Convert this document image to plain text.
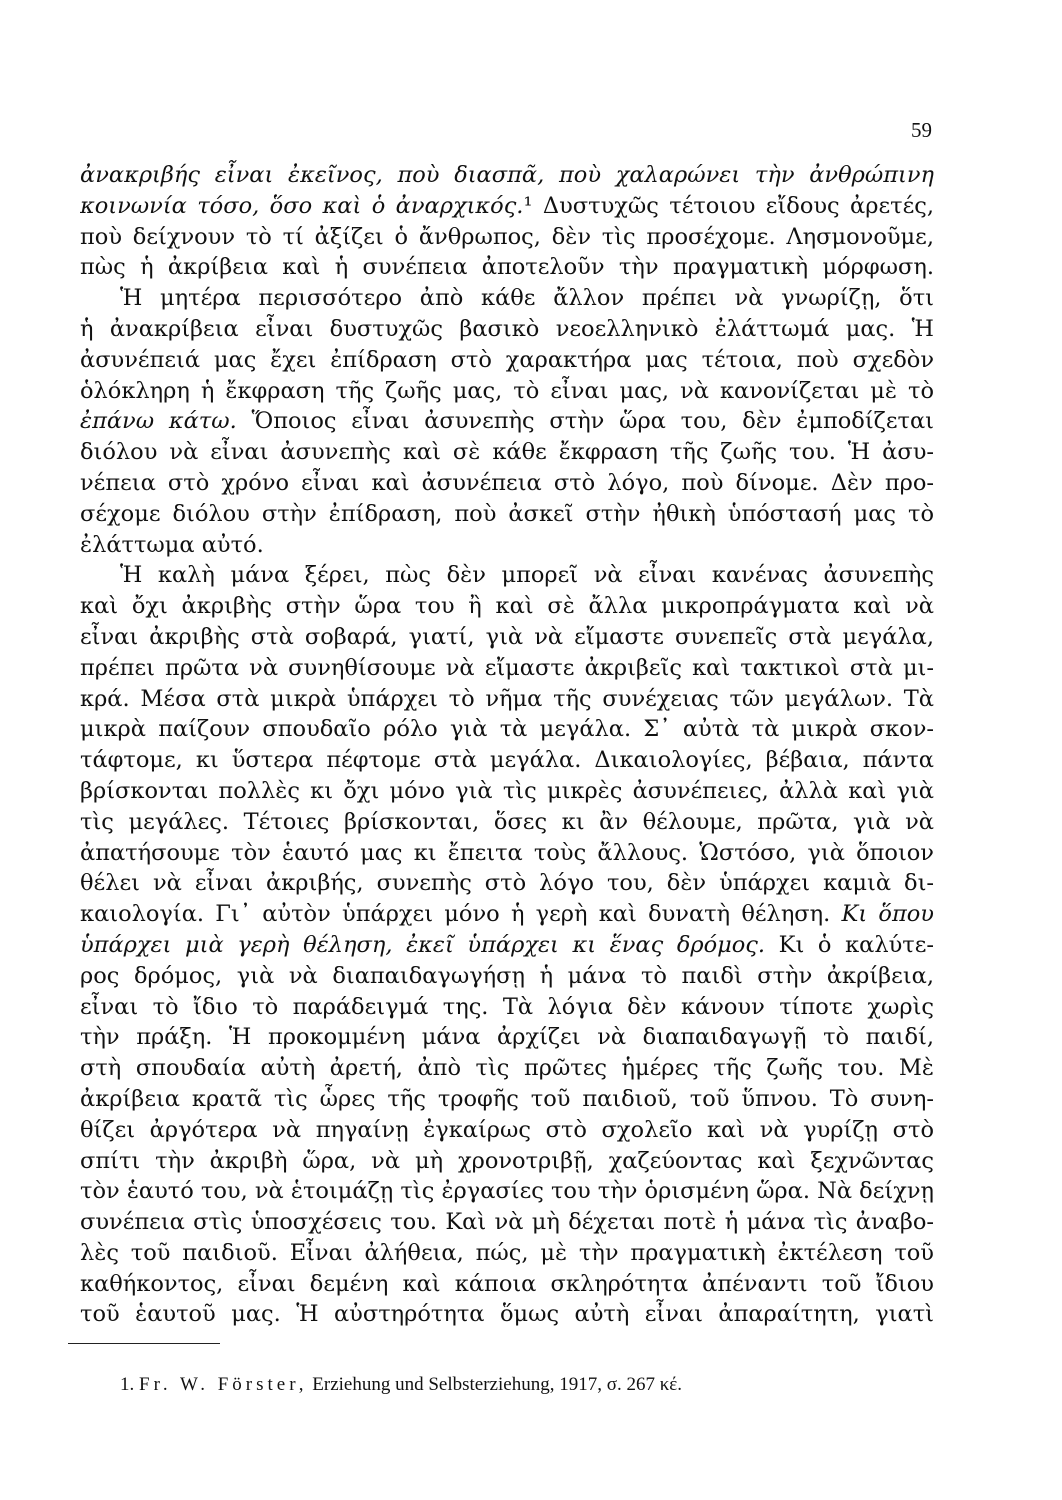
59
ἀνακριβής εἶναι ἐκεῖνος, ποὺ διασπᾶ, ποὺ χαλαρώνει τὴν ἀνθρώπινη
κοινωνία τόσο, ὅσο καὶ ὁ ἀναρχικός.¹ Δυστυχῶς τέτοιου εἴδους ἀρετές,
ποὺ δείχνουν τὸ τί ἀξίζει ὁ ἄνθρωπος, δὲν τὶς προσέχομε. Λησμονοῦμε,
πὼς ἡ ἀκρίβεια καὶ ἡ συνέπεια ἀποτελοῦν τὴν πραγματικὴ μόρφωση.
Ἡ μητέρα περισσότερο ἀπὸ κάθε ἄλλον πρέπει νὰ γνωρίζῃ, ὅτι
ἡ ἀνακρίβεια εἶναι δυστυχῶς βασικὸ νεοελληνικὸ ἐλάττωμά μας. Ἡ
ἀσυνέπειά μας ἔχει ἐπίδραση στὸ χαρακτήρα μας τέτοια, ποὺ σχεδὸν
ὁλόκληρη ἡ ἔκφραση τῆς ζωῆς μας, τὸ εἶναι μας, νὰ κανονίζεται μὲ τὸ
ἐπάνω κάτω. Ὅποιος εἶναι ἀσυνεπὴς στὴν ὥρα του, δὲν ἐμποδίζεται
διόλου νὰ εἶναι ἀσυνεπὴς καὶ σὲ κάθε ἔκφραση τῆς ζωῆς του. Ἡ ἀσυ-
νέπεια στὸ χρόνο εἶναι καὶ ἀσυνέπεια στὸ λόγο, ποὺ δίνομε. Δὲν προ-
σέχομε διόλου στὴν ἐπίδραση, ποὺ ἀσκεῖ στὴν ἠθικὴ ὑπόστασή μας τὸ
ἐλάττωμα αὐτό.
Ἡ καλὴ μάνα ξέρει, πὼς δὲν μπορεῖ νὰ εἶναι κανένας ἀσυνεπὴς
καὶ ὄχι ἀκριβὴς στὴν ὥρα του ἢ καὶ σὲ ἄλλα μικροπράγματα καὶ νὰ
εἶναι ἀκριβὴς στὰ σοβαρά, γιατί, γιὰ νὰ εἴμαστε συνεπεῖς στὰ μεγάλα,
πρέπει πρῶτα νὰ συνηθίσουμε νὰ εἴμαστε ἀκριβεῖς καὶ τακτικοὶ στὰ μι-
κρά. Μέσα στὰ μικρὰ ὑπάρχει τὸ νῆμα τῆς συνέχειας τῶν μεγάλων. Τὰ
μικρὰ παίζουν σπουδαῖο ρόλο γιὰ τὰ μεγάλα. Σ᾿ αὐτὰ τὰ μικρὰ σκον-
τάφτομε, κι ὕστερα πέφτομε στὰ μεγάλα. Δικαιολογίες, βέβαια, πάντα
βρίσκονται πολλὲς κι ὄχι μόνο γιὰ τὶς μικρὲς ἀσυνέπειες, ἀλλὰ καὶ γιὰ
τὶς μεγάλες. Τέτοιες βρίσκονται, ὅσες κι ἂν θέλουμε, πρῶτα, γιὰ νὰ
ἀπατήσουμε τὸν ἑαυτό μας κι ἔπειτα τοὺς ἄλλους. Ὡστόσο, γιὰ ὅποιον
θέλει νὰ εἶναι ἀκριβής, συνεπὴς στὸ λόγο του, δὲν ὑπάρχει καμιὰ δι-
καιολογία. Γι᾿ αὐτὸν ὑπάρχει μόνο ἡ γερὴ καὶ δυνατὴ θέληση. Κι ὅπου
ὑπάρχει μιὰ γερὴ θέληση, ἐκεῖ ὑπάρχει κι ἕνας δρόμος. Κι ὁ καλύτε-
ρος δρόμος, γιὰ νὰ διαπαιδαγωγήσῃ ἡ μάνα τὸ παιδὶ στὴν ἀκρίβεια,
εἶναι τὸ ἴδιο τὸ παράδειγμά της. Τὰ λόγια δὲν κάνουν τίποτε χωρὶς
τὴν πράξη. Ἡ προκομμένη μάνα ἀρχίζει νὰ διαπαιδαγωγῇ τὸ παιδί,
στὴ σπουδαία αὐτὴ ἀρετή, ἀπὸ τὶς πρῶτες ἡμέρες τῆς ζωῆς του. Μὲ
ἀκρίβεια κρατᾶ τὶς ὧρες τῆς τροφῆς τοῦ παιδιοῦ, τοῦ ὕπνου. Τὸ συνη-
θίζει ἀργότερα νὰ πηγαίνῃ ἐγκαίρως στὸ σχολεῖο καὶ νὰ γυρίζῃ στὸ
σπίτι τὴν ἀκριβὴ ὥρα, νὰ μὴ χρονοτριβῇ, χαζεύοντας καὶ ξεχνῶντας
τὸν ἑαυτό του, νὰ ἑτοιμάζῃ τὶς ἐργασίες του τὴν ὁρισμένη ὥρα. Νὰ δείχνῃ
συνέπεια στὶς ὑποσχέσεις του. Καὶ νὰ μὴ δέχεται ποτὲ ἡ μάνα τὶς ἀναβο-
λὲς τοῦ παιδιοῦ. Εἶναι ἀλήθεια, πώς, μὲ τὴν πραγματικὴ ἐκτέλεση τοῦ
καθήκοντος, εἶναι δεμένη καὶ κάποια σκληρότητα ἀπέναντι τοῦ ἴδιου
τοῦ ἑαυτοῦ μας. Ἡ αὐστηρότητα ὅμως αὐτὴ εἶναι ἀπαραίτητη, γιατὶ
1. Fr. W. Förster, Erziehung und Selbsterziehung, 1917, σ. 267 κέ.
